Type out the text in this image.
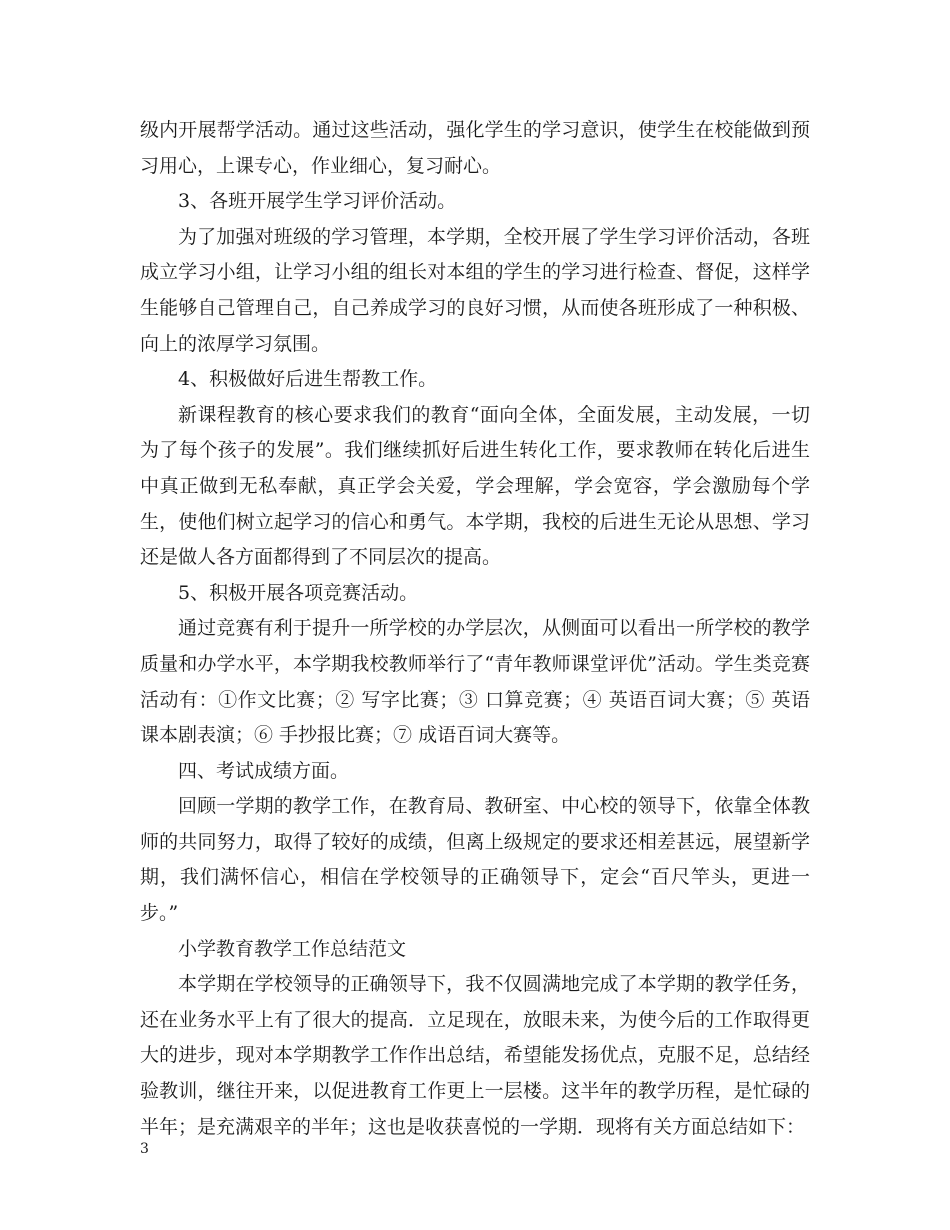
级内开展帮学活动。通过这些活动，强化学生的学习意识，使学生在校能做到预习用心，上课专心，作业细心，复习耐心。

3、各班开展学生学习评价活动。

为了加强对班级的学习管理，本学期，全校开展了学生学习评价活动，各班成立学习小组，让学习小组的组长对本组的学生的学习进行检查、督促，这样学生能够自己管理自己，自己养成学习的良好习惯，从而使各班形成了一种积极、向上的浓厚学习氛围。

4、积极做好后进生帮教工作。

新课程教育的核心要求我们的教育“面向全体，全面发展，主动发展，一切为了每个孩子的发展”。我们继续抓好后进生转化工作，要求教师在转化后进生中真正做到无私奉献，真正学会关爱，学会理解，学会宽容，学会激励每个学生，使他们树立起学习的信心和勇气。本学期，我校的后进生无论从思想、学习还是做人各方面都得到了不同层次的提高。

5、积极开展各项竞赛活动。

通过竞赛有利于提升一所学校的办学层次，从侧面可以看出一所学校的教学质量和办学水平，本学期我校教师举行了“青年教师课堂评优”活动。学生类竞赛活动有：①作文比赛；② 写字比赛；③ 口算竞赛；④ 英语百词大赛；⑤ 英语课本剧表演；⑥ 手抄报比赛；⑦ 成语百词大赛等。

四、考试成绩方面。

回顾一学期的教学工作，在教育局、教研室、中心校的领导下，依靠全体教师的共同努力，取得了较好的成绩，但离上级规定的要求还相差甚远，展望新学期，我们满怀信心，相信在学校领导的正确领导下，定会“百尺竿头，更进一步。”

小学教育教学工作总结范文

本学期在学校领导的正确领导下，我不仅圆满地完成了本学期的教学任务，还在业务水平上有了很大的提高．立足现在，放眼未来，为使今后的工作取得更大的进步，现对本学期教学工作作出总结，希望能发扬优点，克服不足，总结经验教训，继往开来，以促进教育工作更上一层楼。这半年的教学历程，是忙碌的半年；是充满艰辛的半年；这也是收获喜悦的一学期．现将有关方面总结如下：

3
